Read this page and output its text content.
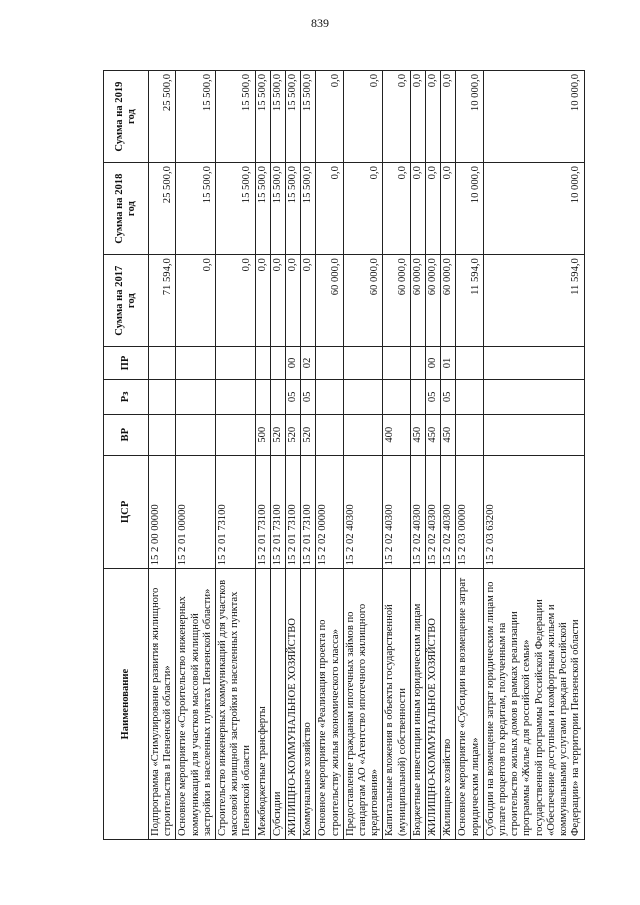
839
Наименование	ЦСР	ВР	Рз	ПР	Сумма на 2017 год	Сумма на 2018 год	Сумма на 2019 год
Подпрограмма «Стимулирование развития жилищного строительства в Пензенской области»	15 2 00 00000				71 594,0	25 500,0	25 500,0
Основное мероприятие «Строительство инженерных коммуникаций для участков массовой жилищной застройки в населенных пунктах Пензенской области»	15 2 01 00000				0,0	15 500,0	15 500,0
Строительство инженерных коммуникаций для участков массовой жилищной застройки в населенных пунктах Пензенской области	15 2 01 73100				0,0	15 500,0	15 500,0
Межбюджетные трансферты	15 2 01 73100	500			0,0	15 500,0	15 500,0
Субсидии	15 2 01 73100	520			0,0	15 500,0	15 500,0
ЖИЛИЩНО-КОММУНАЛЬНОЕ ХОЗЯЙСТВО	15 2 01 73100	520	05	00	0,0	15 500,0	15 500,0
Коммунальное хозяйство	15 2 01 73100	520	05	02	0,0	15 500,0	15 500,0
Основное мероприятие «Реализация проекта по строительству жилья экономического класса»	15 2 02 00000				60 000,0	0,0	0,0
Предоставление гражданам ипотечных займов по стандартам АО «Агентство ипотечного жилищного кредитования»	15 2 02 40300				60 000,0	0,0	0,0
Капитальные вложения в объекты государственной (муниципальной) собственности	15 2 02 40300	400			60 000,0	0,0	0,0
Бюджетные инвестиции иным юридическим лицам	15 2 02 40300	450			60 000,0	0,0	0,0
ЖИЛИЩНО-КОММУНАЛЬНОЕ ХОЗЯЙСТВО	15 2 02 40300	450	05	00	60 000,0	0,0	0,0
Жилищное хозяйство	15 2 02 40300	450	05	01	60 000,0	0,0	0,0
Основное мероприятие «Субсидии на возмещение затрат юридическим лицам»	15 2 03 00000				11 594,0	10 000,0	10 000,0
Субсидии на возмещение затрат юридическим лицам по уплате процентов по кредитам, полученным на строительство жилых домов в рамках реализации программы «Жилье для российской семьи» государственной программы Российской Федерации «Обеспечение доступным и комфортным жильем и коммунальными услугами граждан Российской Федерации» на территории Пензенской области	15 2 03 63200				11 594,0	10 000,0	10 000,0
